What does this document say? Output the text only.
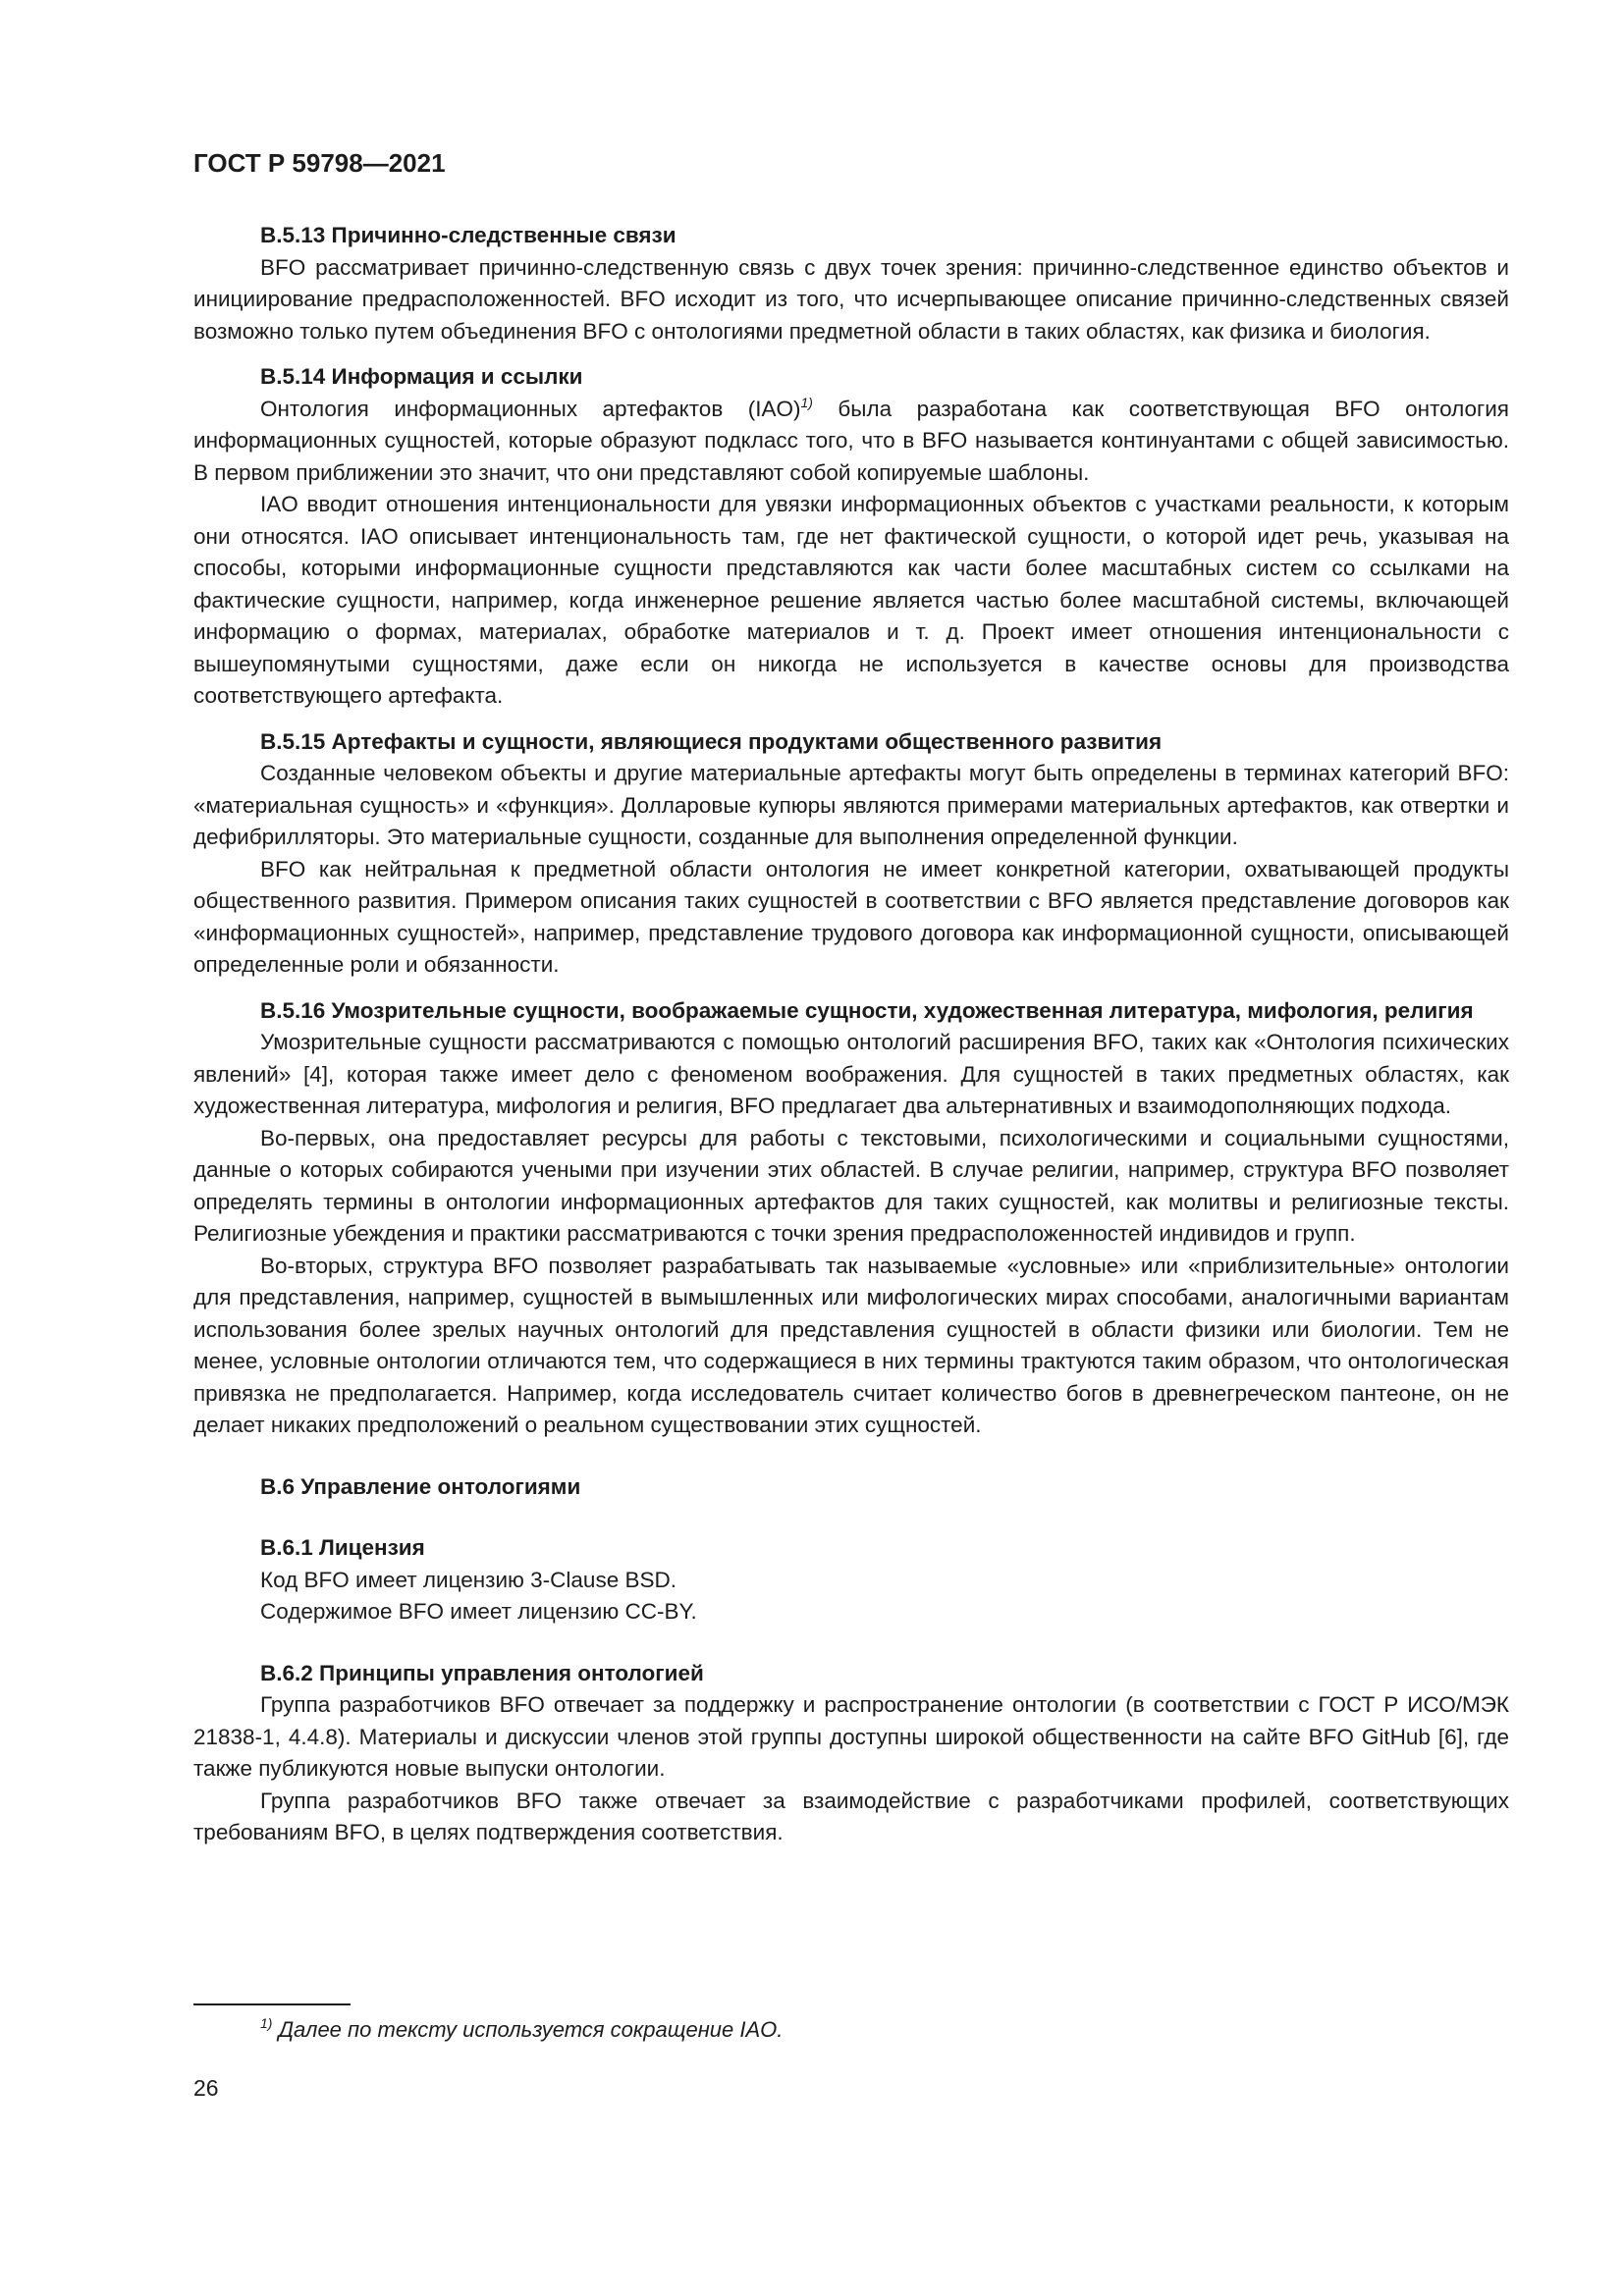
ГОСТ Р 59798—2021
В.5.13 Причинно-следственные связи
BFO рассматривает причинно-следственную связь с двух точек зрения: причинно-следственное единство объектов и инициирование предрасположенностей. BFO исходит из того, что исчерпывающее описание причинно-следственных связей возможно только путем объединения BFO с онтологиями предметной области в таких областях, как физика и биология.
В.5.14 Информация и ссылки
Онтология информационных артефактов (IAO)$^{1)}$ была разработана как соответствующая BFO онтология информационных сущностей, которые образуют подкласс того, что в BFO называется континуантами с общей зависимостью. В первом приближении это значит, что они представляют собой копируемые шаблоны.
IAO вводит отношения интенциональности для увязки информационных объектов с участками реальности, к которым они относятся. IAO описывает интенциональность там, где нет фактической сущности, о которой идет речь, указывая на способы, которыми информационные сущности представляются как части более масштабных систем со ссылками на фактические сущности, например, когда инженерное решение является частью более масштабной системы, включающей информацию о формах, материалах, обработке материалов и т. д. Проект имеет отношения интенциональности с вышеупомянутыми сущностями, даже если он никогда не используется в качестве основы для производства соответствующего артефакта.
В.5.15 Артефакты и сущности, являющиеся продуктами общественного развития
Созданные человеком объекты и другие материальные артефакты могут быть определены в терминах категорий BFO: «материальная сущность» и «функция». Долларовые купюры являются примерами материальных артефактов, как отвертки и дефибрилляторы. Это материальные сущности, созданные для выполнения определенной функции.
BFO как нейтральная к предметной области онтология не имеет конкретной категории, охватывающей продукты общественного развития. Примером описания таких сущностей в соответствии с BFO является представление договоров как «информационных сущностей», например, представление трудового договора как информационной сущности, описывающей определенные роли и обязанности.
В.5.16 Умозрительные сущности, воображаемые сущности, художественная литература, мифология, религия
Умозрительные сущности рассматриваются с помощью онтологий расширения BFO, таких как «Онтология психических явлений» [4], которая также имеет дело с феноменом воображения. Для сущностей в таких предметных областях, как художественная литература, мифология и религия, BFO предлагает два альтернативных и взаимодополняющих подхода.
Во-первых, она предоставляет ресурсы для работы с текстовыми, психологическими и социальными сущностями, данные о которых собираются учеными при изучении этих областей. В случае религии, например, структура BFO позволяет определять термины в онтологии информационных артефактов для таких сущностей, как молитвы и религиозные тексты. Религиозные убеждения и практики рассматриваются с точки зрения предрасположенностей индивидов и групп.
Во-вторых, структура BFO позволяет разрабатывать так называемые «условные» или «приблизительные» онтологии для представления, например, сущностей в вымышленных или мифологических мирах способами, аналогичными вариантам использования более зрелых научных онтологий для представления сущностей в области физики или биологии. Тем не менее, условные онтологии отличаются тем, что содержащиеся в них термины трактуются таким образом, что онтологическая привязка не предполагается. Например, когда исследователь считает количество богов в древнегреческом пантеоне, он не делает никаких предположений о реальном существовании этих сущностей.
В.6 Управление онтологиями
В.6.1 Лицензия
Код BFO имеет лицензию 3-Clause BSD.
Содержимое BFO имеет лицензию CC-BY.
В.6.2 Принципы управления онтологией
Группа разработчиков BFO отвечает за поддержку и распространение онтологии (в соответствии с ГОСТ Р ИСО/МЭК 21838-1, 4.4.8). Материалы и дискуссии членов этой группы доступны широкой общественности на сайте BFO GitHub [6], где также публикуются новые выпуски онтологии.
Группа разработчиков BFO также отвечает за взаимодействие с разработчиками профилей, соответствующих требованиям BFO, в целях подтверждения соответствия.
$^{1)}$ Далее по тексту используется сокращение IAO.
26
